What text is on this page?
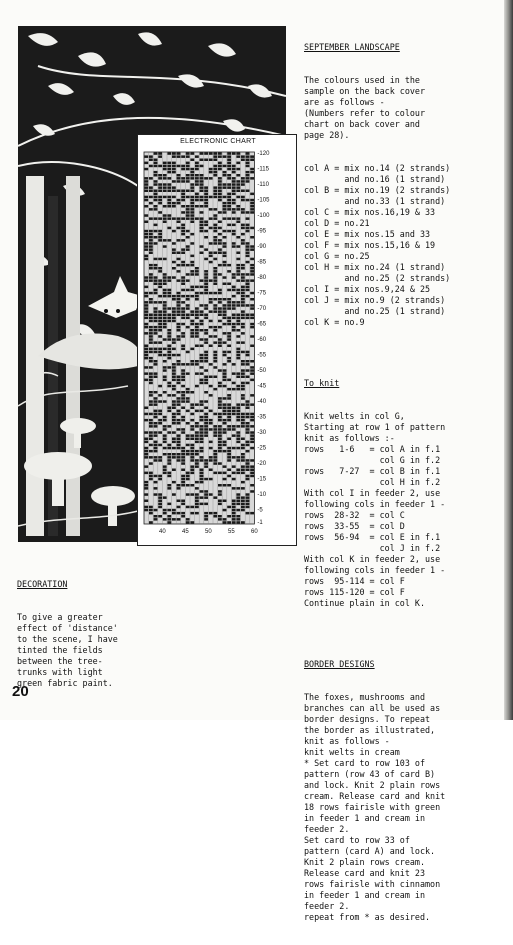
ELECTRONIC CHART
-120
-115
-110
-105
-100
-95
-90
-85
-80
-75
-70
-65
-60
-55
-50
-45
-40
-35
-30
-25
-20
-15
-10
-5
-1
40	45	50	55	60

DECORATION

To give a greater
effect of 'distance'
to the scene, I have
tinted the fields
between the tree-
trunks with light
green fabric paint.

SEPTEMBER LANDSCAPE

The colours used in the
sample on the back cover
are as follows -
(Numbers refer to colour
chart on back cover and
page 28).

col A = mix no.14 (2 strands)
and no.16 (1 strand)
col B = mix no.19 (2 strands)
and no.33 (1 strand)
col C = mix nos.16,19 & 33
col D = no.21
col E = mix nos.15 and 33
col F = mix nos.15,16 & 19
col G = no.25
col H = mix no.24 (1 strand)
and no.25 (2 strands)
col I = mix nos.9,24 & 25
col J = mix no.9 (2 strands)
and no.25 (1 strand)
col K = no.9

To knit

Knit welts in col G,
Starting at row 1 of pattern
knit as follows :-
rows   1-6   = col A in f.1
col G in f.2
rows   7-27  = col B in f.1
col H in f.2
With col I in feeder 2, use
following cols in feeder 1 -
rows  28-32  = col C
rows  33-55  = col D
rows  56-94  = col E in f.1
col J in f.2
With col K in feeder 2, use
following cols in feeder 1 -
rows  95-114 = col F
rows 115-120 = col F
Continue plain in col K.

BORDER DESIGNS

The foxes, mushrooms and
branches can all be used as
border designs. To repeat
the border as illustrated,
knit as follows -
knit welts in cream
* Set card to row 103 of
pattern (row 43 of card B)
and lock. Knit 2 plain rows
cream. Release card and knit
18 rows fairisle with green
in feeder 1 and cream in
feeder 2.
Set card to row 33 of
pattern (card A) and lock.
Knit 2 plain rows cream.
Release card and knit 23
rows fairisle with cinnamon
in feeder 1 and cream in
feeder 2.
repeat from * as desired.

20
